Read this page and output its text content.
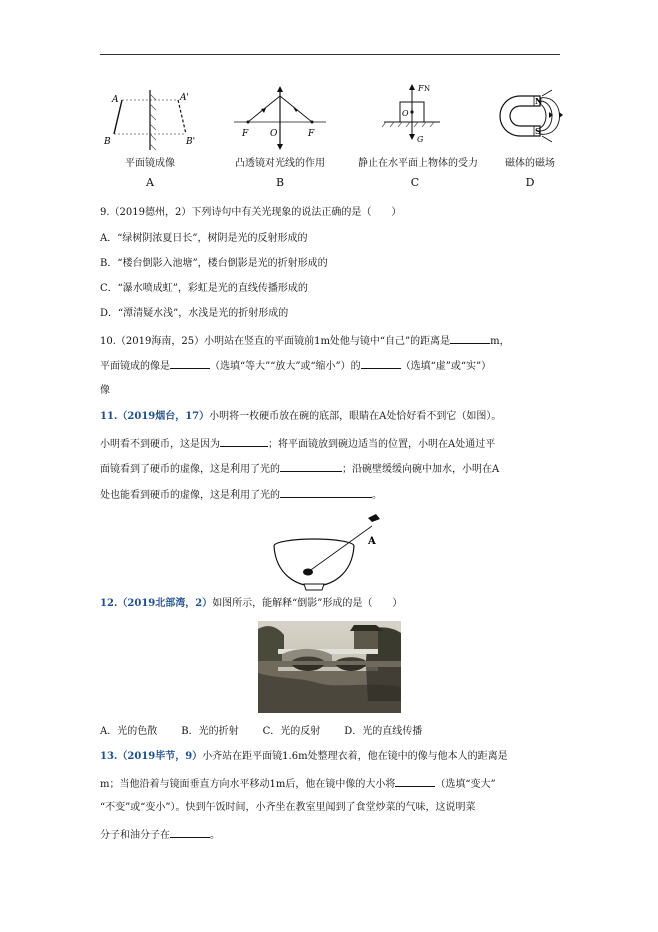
A	A'
B	B'
平面镜成像
A
F O	F
凸透镜对光线的作用
B
F N
O
G
静止在水平面上物体的受力
C
N
S
磁体的磁场
D
9.（2019德州，2）下列诗句中有关光现象的说法正确的是（　　）
A．“绿树阴浓夏日长”，树阴是光的反射形成的
B．“楼台倒影入池塘”，楼台倒影是光的折射形成的
C．“瀑水喷成虹”，彩虹是光的直线传播形成的
D．“潭清疑水浅”，水浅是光的折射形成的
10.（2019海南，25）小明站在竖直的平面镜前1m处他与镜中“自己”的距离是	m，
平面镜成的像是	（选填“等大”“放大”或“缩小”）的	（选填“虚”或“实”）
像
11.（2019烟台，17）小明将一枚硬币放在碗的底部，眼睛在A处恰好看不到它（如图）。
小明看不到硬币，这是因为	；将平面镜放到碗边适当的位置，小明在A处通过平
面镜看到了硬币的虚像，这是利用了光的	；沿碗壁缓缓向碗中加水，小明在A
处也能看到硬币的虚像，这是利用了光的	。
A
12.（2019北部湾，2）如图所示，能解释“倒影”形成的是（　　）
A．光的色散 B．光的折射 C．光的反射 D．光的直线传播
13.（2019毕节，9）小齐站在距平面镜1.6m处整理衣着，他在镜中的像与他本人的距离是
m；当他沿着与镜面垂直方向水平移动1m后，他在镜中像的大小将	（选填“变大”
“不变”或“变小”）。快到午饭时间，小齐坐在教室里闻到了食堂炒菜的气味，这说明菜
分子和油分子在	。
